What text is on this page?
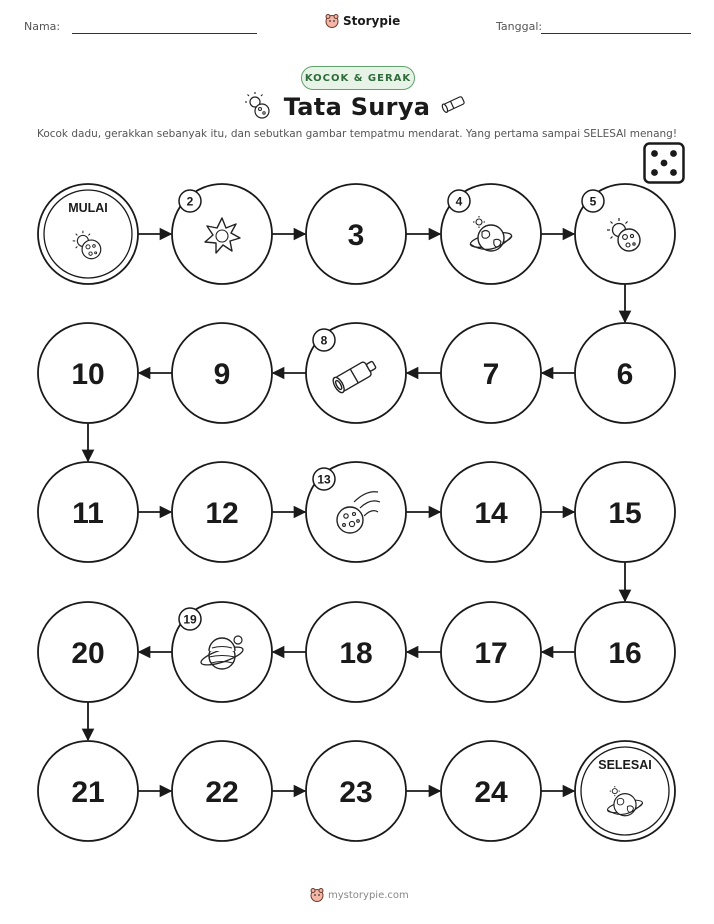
Nama:	Storypie	Tanggal:
KOCOK & GERAK
Tata Surya
Kocok dadu, gerakkan sebanyak itu, dan sebutkan gambar tempatmu mendarat. Yang pertama sampai SELESAI menang!
MULAI	2
3
4	5
6
7
8
9
10
11	12
13
14	15
16
17
18
19
20
21	22	23	24
SELESAI
mystorypie.com
